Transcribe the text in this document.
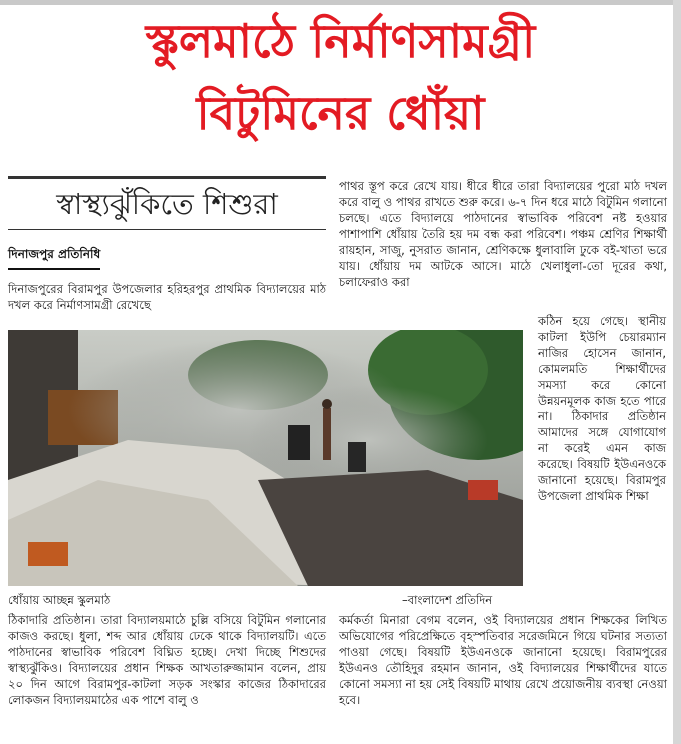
স্কুলমাঠে নির্মাণসামগ্রী
বিটুমিনের ধোঁয়া
স্বাস্থ্যঝুঁকিতে শিশুরা
দিনাজপুর প্রতিনিধি
দিনাজপুরের বিরামপুর উপজেলার হরিহরপুর প্রাথমিক বিদ্যালয়ের মাঠ দখল করে নির্মাণসামগ্রী রেখেছে
পাথর স্তূপ করে রেখে যায়। ধীরে ধীরে তারা বিদ্যালয়ের পুরো মাঠ দখল করে বালু ও পাথর রাখতে শুরু করে। ৬-৭ দিন ধরে মাঠে বিটুমিন গলানো চলছে। এতে বিদ্যালয়ে পাঠদানের স্বাভাবিক পরিবেশ নষ্ট হওয়ার পাশাপাশি ধোঁয়ায় তৈরি হয় দম বন্ধ করা পরিবেশ। পঞ্চম শ্রেণির শিক্ষার্থী রায়হান, সাজু, নুসরাত জানান, শ্রেণিকক্ষে ধুলাবালি ঢুকে বই-খাতা ভরে যায়। ধোঁয়ায় দম আটকে আসে। মাঠে খেলাধুলা-তো দূরের কথা, চলাফেরাও করা
কঠিন হয়ে গেছে। স্থানীয় কাটলা ইউপি চেয়ারম্যান নাজির হোসেন জানান, কোমলমতি শিক্ষার্থীদের সমস্যা করে কোনো উন্নয়নমূলক কাজ হতে পারে না। ঠিকাদার প্রতিষ্ঠান আমাদের সঙ্গে যোগাযোগ না করেই এমন কাজ করেছে। বিষয়টি ইউএনওকে জানানো হয়েছে। বিরামপুর উপজেলা প্রাথমিক শিক্ষা
ধোঁয়ায় আচ্ছন্ন স্কুলমাঠ	–বাংলাদেশ প্রতিদিন
ঠিকাদারি প্রতিষ্ঠান। তারা বিদ্যালয়মাঠে চুল্লি বসিয়ে বিটুমিন গলানোর কাজও করছে। ধুলা, শব্দ আর ধোঁয়ায় ঢেকে থাকে বিদ্যালয়টি। এতে পাঠদানের স্বাভাবিক পরিবেশ বিঘ্নিত হচ্ছে। দেখা দিচ্ছে শিশুদের স্বাস্থ্যঝুঁকিও। বিদ্যালয়ের প্রধান শিক্ষক আখতারুজ্জামান বলেন, প্রায় ২০ দিন আগে বিরামপুর-কাটলা সড়ক সংস্কার কাজের ঠিকাদারের লোকজন বিদ্যালয়মাঠের এক পাশে বালু ও
কর্মকর্তা মিনারা বেগম বলেন, ওই বিদ্যালয়ের প্রধান শিক্ষকের লিখিত অভিযোগের পরিপ্রেক্ষিতে বৃহস্পতিবার সরেজমিনে গিয়ে ঘটনার সত্যতা পাওয়া গেছে। বিষয়টি ইউএনওকে জানানো হয়েছে। বিরামপুরের ইউএনও তৌহিদুর রহমান জানান, ওই বিদ্যালয়ের শিক্ষার্থীদের যাতে কোনো সমস্যা না হয় সেই বিষয়টি মাথায় রেখে প্রয়োজনীয় ব্যবস্থা নেওয়া হবে।
